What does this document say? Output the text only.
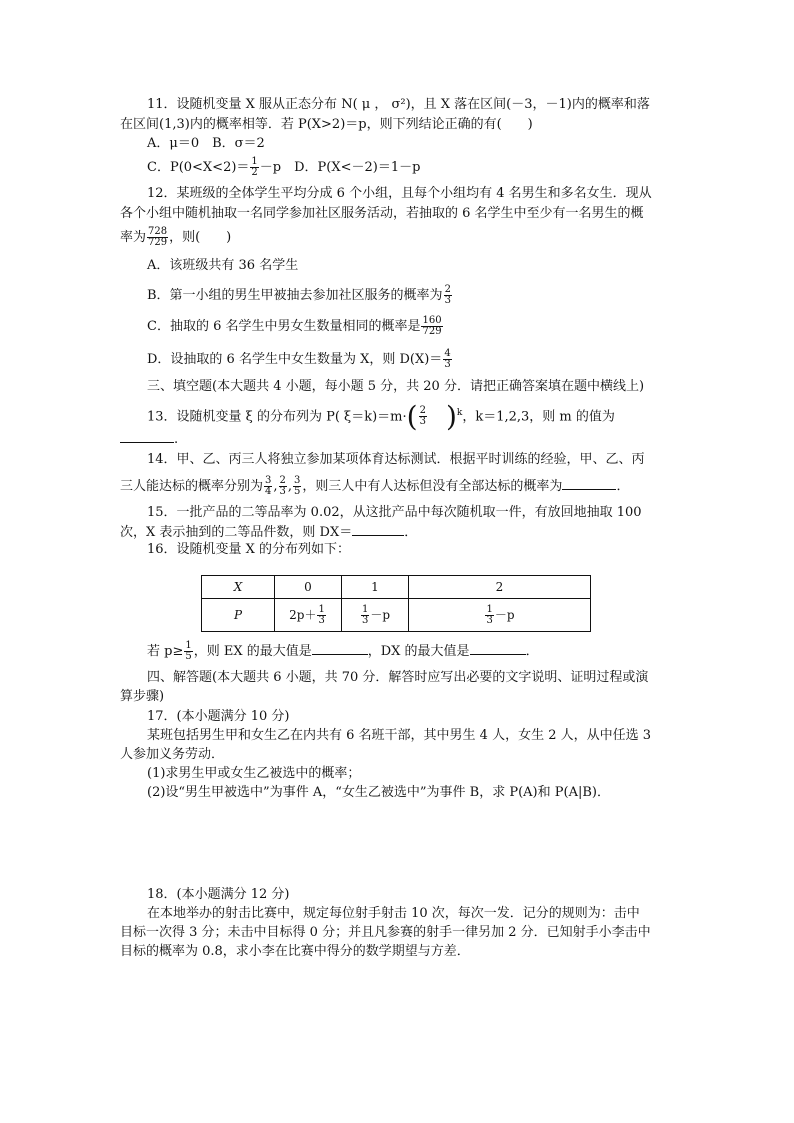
11．设随机变量 X 服从正态分布 N( μ ， σ²)，且 X 落在区间(－3，－1)内的概率和落
在区间(1,3)内的概率相等．若 P(X>2)＝p，则下列结论正确的有(　　)
A．μ＝0　B．σ＝2
C．$P(0<X<2)= \frac{1}{2} -p$　D．P(X<－2)＝1－p
12．某班级的全体学生平均分成 6 个小组，且每个小组均有 4 名男生和多名女生．现从
各个小组中随机抽取一名同学参加社区服务活动，若抽取的 6 名学生中至少有一名男生的概
率为 $\frac{728}{729}$ ，则(　　)
A．该班级共有 36 名学生
B．第一小组的男生甲被抽去参加社区服务的概率为 $\frac{2}{3}$
C．抽取的 6 名学生中男女生数量相同的概率是 $\frac{160}{729}$
D．设抽取的 6 名学生中女生数量为 X，则 $D(X)= \frac{4}{3}$
三、填空题(本大题共 4 小题，每小题 5 分，共 20 分．请把正确答案填在题中横线上)
13．设随机变量 ξ 的分布列为 P( $\xi=k)=m\cdot( \frac{2}{3} )^k$，k＝1,2,3，则 m 的值为
.
14．甲、乙、丙三人将独立参加某项体育达标测试．根据平时训练的经验，甲、乙、丙
三人能达标的概率分别为 $\frac{3}{4}$ , $\frac{2}{3}$ , $\frac{3}{5}$ ，则三人中有人达标但没有全部达标的概率为	．
15．一批产品的二等品率为 0.02，从这批产品中每次随机取一件，有放回地抽取 100
次，X 表示抽到的二等品件数，则 DX＝	．
16．设随机变量 X 的分布列如下：
X	0	1	2
P	$2p+ \frac{1}{3}$	$\frac{1}{3} -p$	$\frac{1}{3} -p$
若 $p\ge \frac{1}{5}$ ，则 EX 的最大值是	，DX 的最大值是	．
四、解答题(本大题共 6 小题，共 70 分．解答时应写出必要的文字说明、证明过程或演
算步骤)
17．(本小题满分 10 分)
某班包括男生甲和女生乙在内共有 6 名班干部，其中男生 4 人，女生 2 人，从中任选 3
人参加义务劳动．
(1)求男生甲或女生乙被选中的概率；
(2)设“男生甲被选中”为事件 A，“女生乙被选中”为事件 B，求 P(A)和 P(A|B)．
18．(本小题满分 12 分)
在本地举办的射击比赛中，规定每位射手射击 10 次，每次一发．记分的规则为：击中
目标一次得 3 分；未击中目标得 0 分；并且凡参赛的射手一律另加 2 分．已知射手小李击中
目标的概率为 0.8，求小李在比赛中得分的数学期望与方差．
